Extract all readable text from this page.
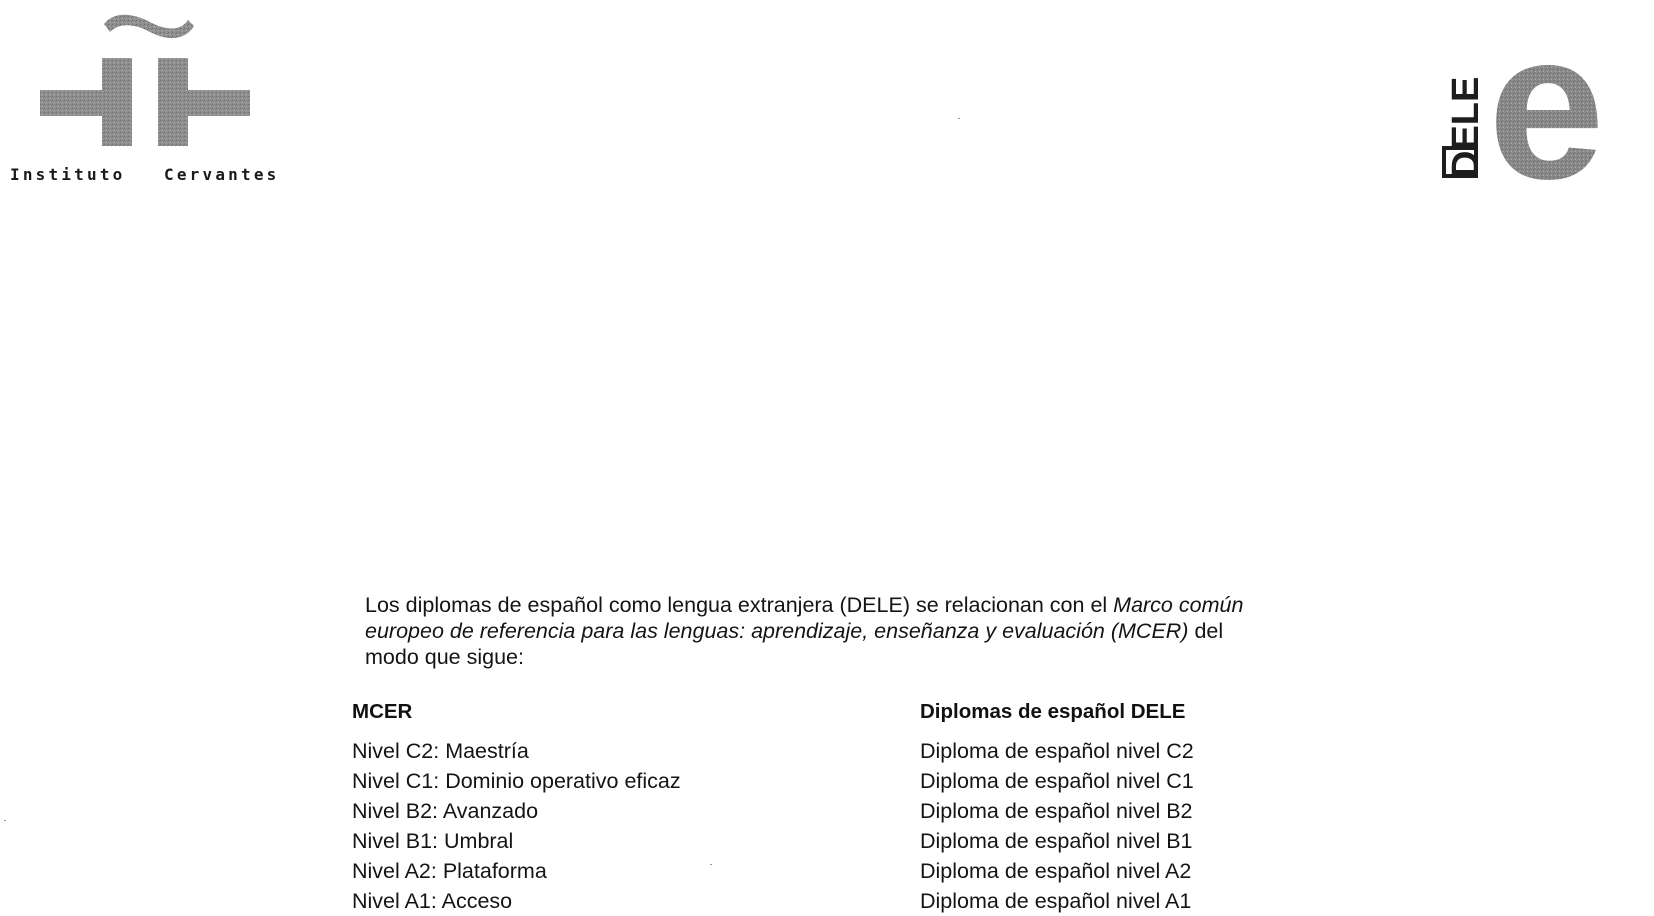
Instituto   Cervantes	DELE e
Los diplomas de español como lengua extranjera (DELE) se relacionan con el Marco común europeo de referencia para las lenguas: aprendizaje, enseñanza y evaluación (MCER) del modo que sigue:
MCER	Diplomas de español DELE
Nivel C2: Maestría
Nivel C1: Dominio operativo eficaz
Nivel B2: Avanzado
Nivel B1: Umbral
Nivel A2: Plataforma
Nivel A1: Acceso
Diploma de español nivel C2
Diploma de español nivel C1
Diploma de español nivel B2
Diploma de español nivel B1
Diploma de español nivel A2
Diploma de español nivel A1
